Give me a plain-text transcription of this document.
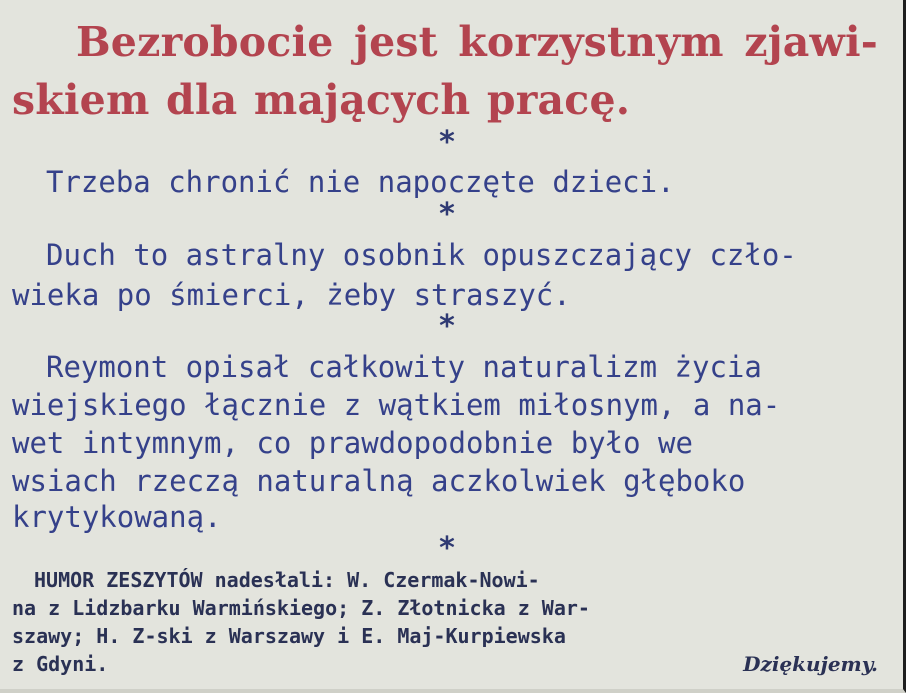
Bezrobocie jest korzystnym zjawi-
skiem dla mających pracę.
*
Trzeba chronić nie napoczęte dzieci.
*
Duch to astralny osobnik opuszczający czło-
wieka po śmierci, żeby straszyć.
*
Reymont opisał całkowity naturalizm życia
wiejskiego łącznie z wątkiem miłosnym, a na-
wet intymnym, co prawdopodobnie było we
wsiach rzeczą naturalną aczkolwiek głęboko
krytykowaną.
*
HUMOR ZESZYTÓW nadesłali: W. Czermak-Nowi-
na z Lidzbarku Warmińskiego; Z. Złotnicka z War-
szawy; H. Z-ski z Warszawy i E. Maj-Kurpiewska
z Gdyni.	Dziękujemy.
